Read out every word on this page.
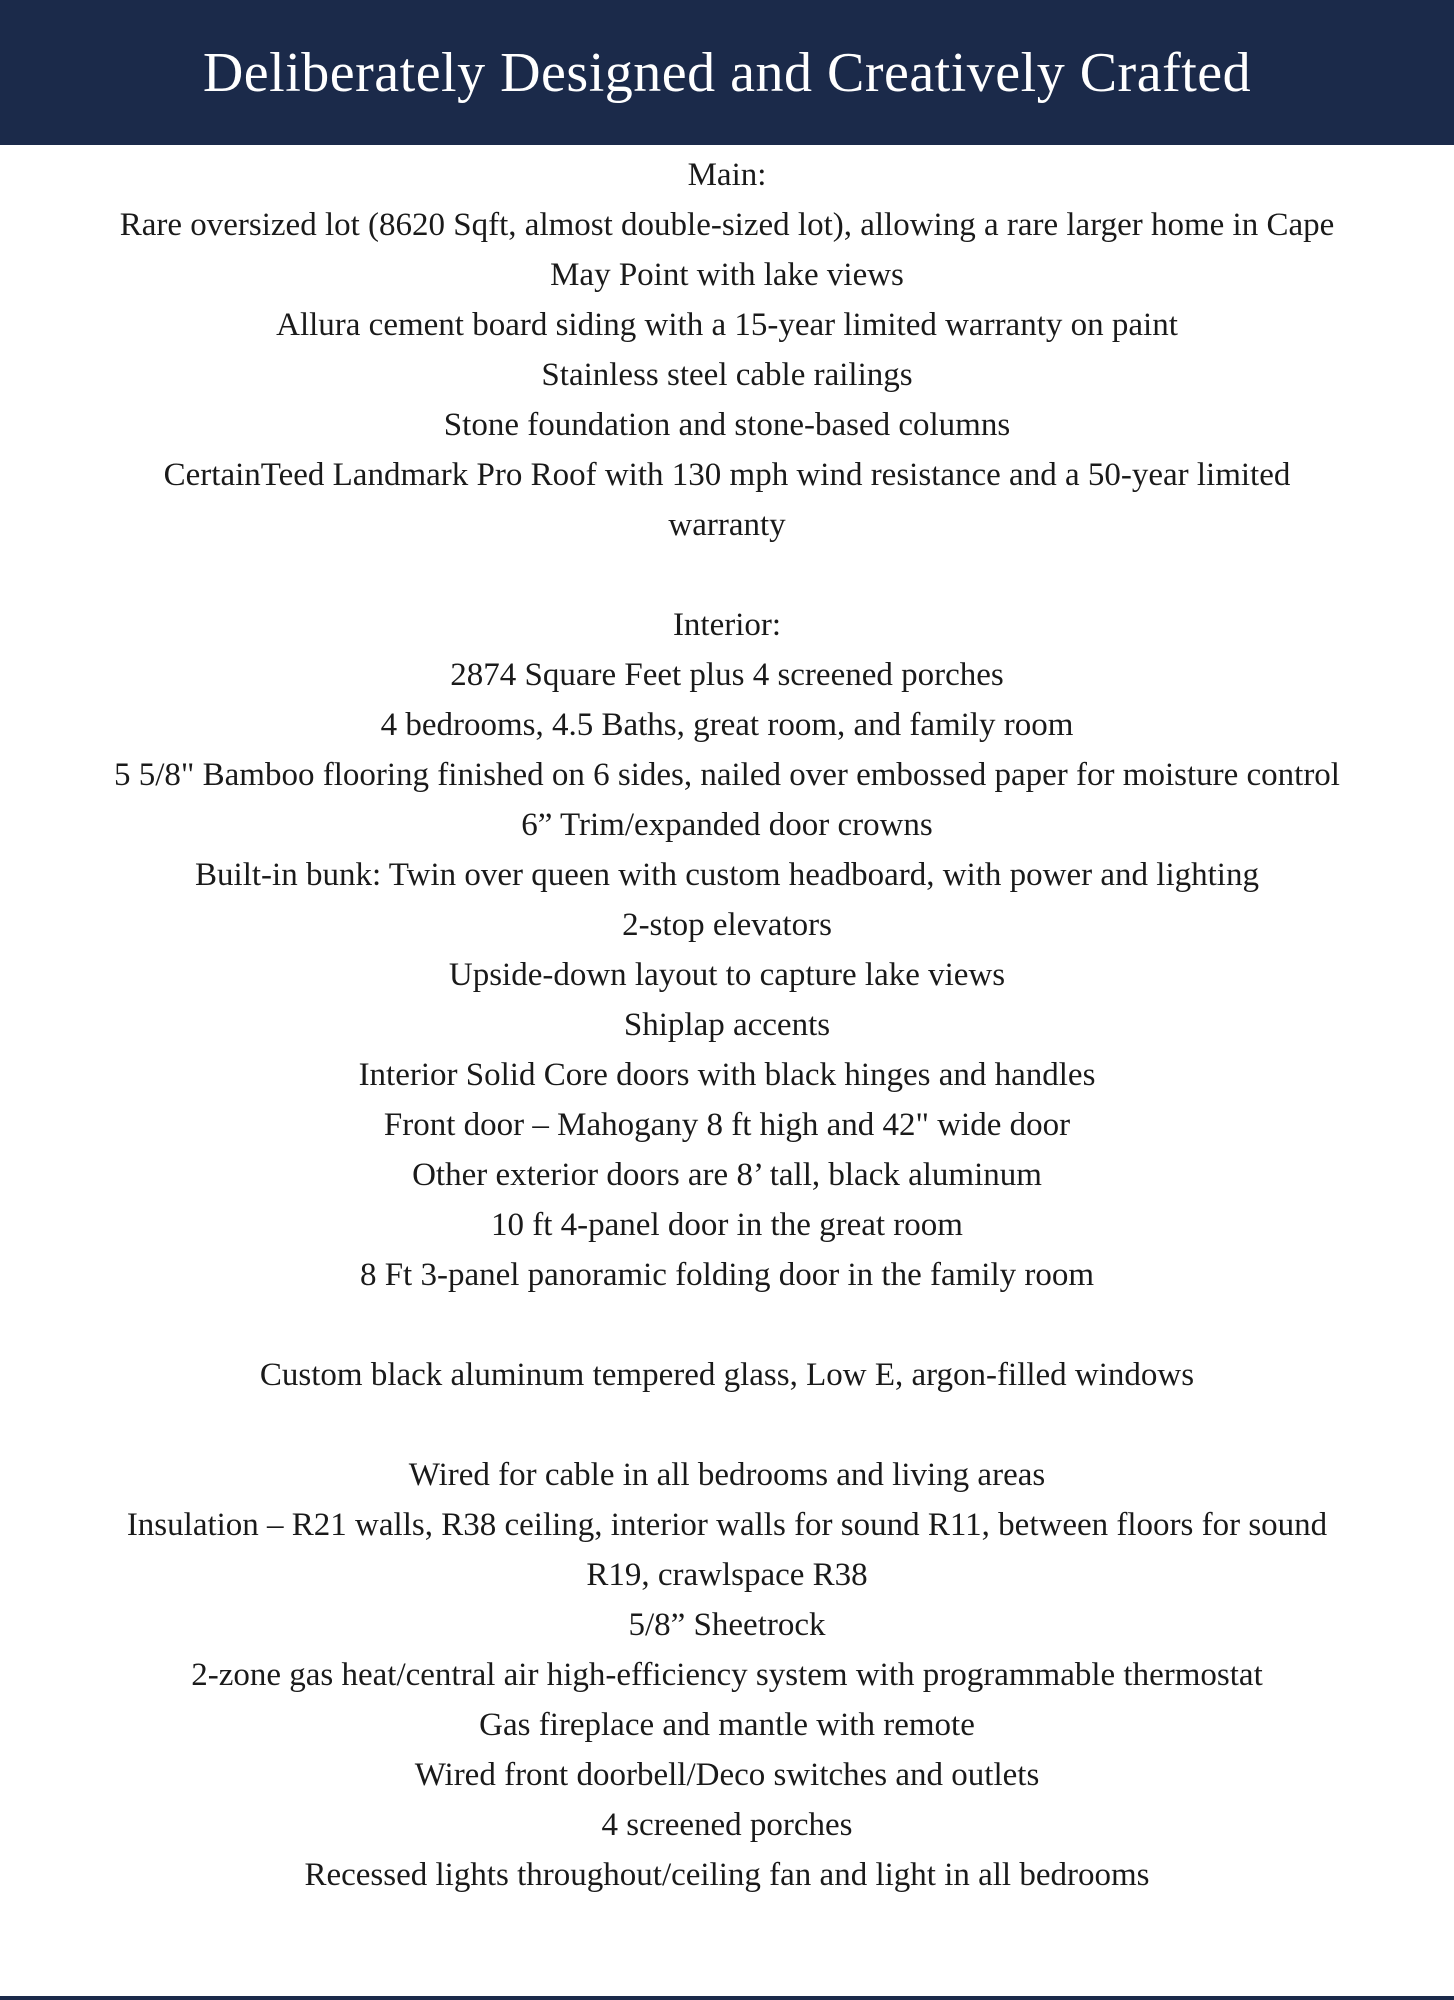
Deliberately Designed and Creatively Crafted
Main:
Rare oversized lot (8620 Sqft, almost double-sized lot), allowing a rare larger home in Cape
May Point with lake views
Allura cement board siding with a 15-year limited warranty on paint
Stainless steel cable railings
Stone foundation and stone-based columns
CertainTeed Landmark Pro Roof with 130 mph wind resistance and a 50-year limited
warranty
Interior:
2874 Square Feet plus 4 screened porches
4 bedrooms, 4.5 Baths, great room, and family room
5 5/8" Bamboo flooring finished on 6 sides, nailed over embossed paper for moisture control
6” Trim/expanded door crowns
Built-in bunk: Twin over queen with custom headboard, with power and lighting
2-stop elevators
Upside-down layout to capture lake views
Shiplap accents
Interior Solid Core doors with black hinges and handles
Front door – Mahogany 8 ft high and 42" wide door
Other exterior doors are 8’ tall, black aluminum
10 ft 4-panel door in the great room
8 Ft 3-panel panoramic folding door in the family room
Custom black aluminum tempered glass, Low E, argon-filled windows
Wired for cable in all bedrooms and living areas
Insulation – R21 walls, R38 ceiling, interior walls for sound R11, between floors for sound
R19, crawlspace R38
5/8” Sheetrock
2-zone gas heat/central air high-efficiency system with programmable thermostat
Gas fireplace and mantle with remote
Wired front doorbell/Deco switches and outlets
4 screened porches
Recessed lights throughout/ceiling fan and light in all bedrooms
